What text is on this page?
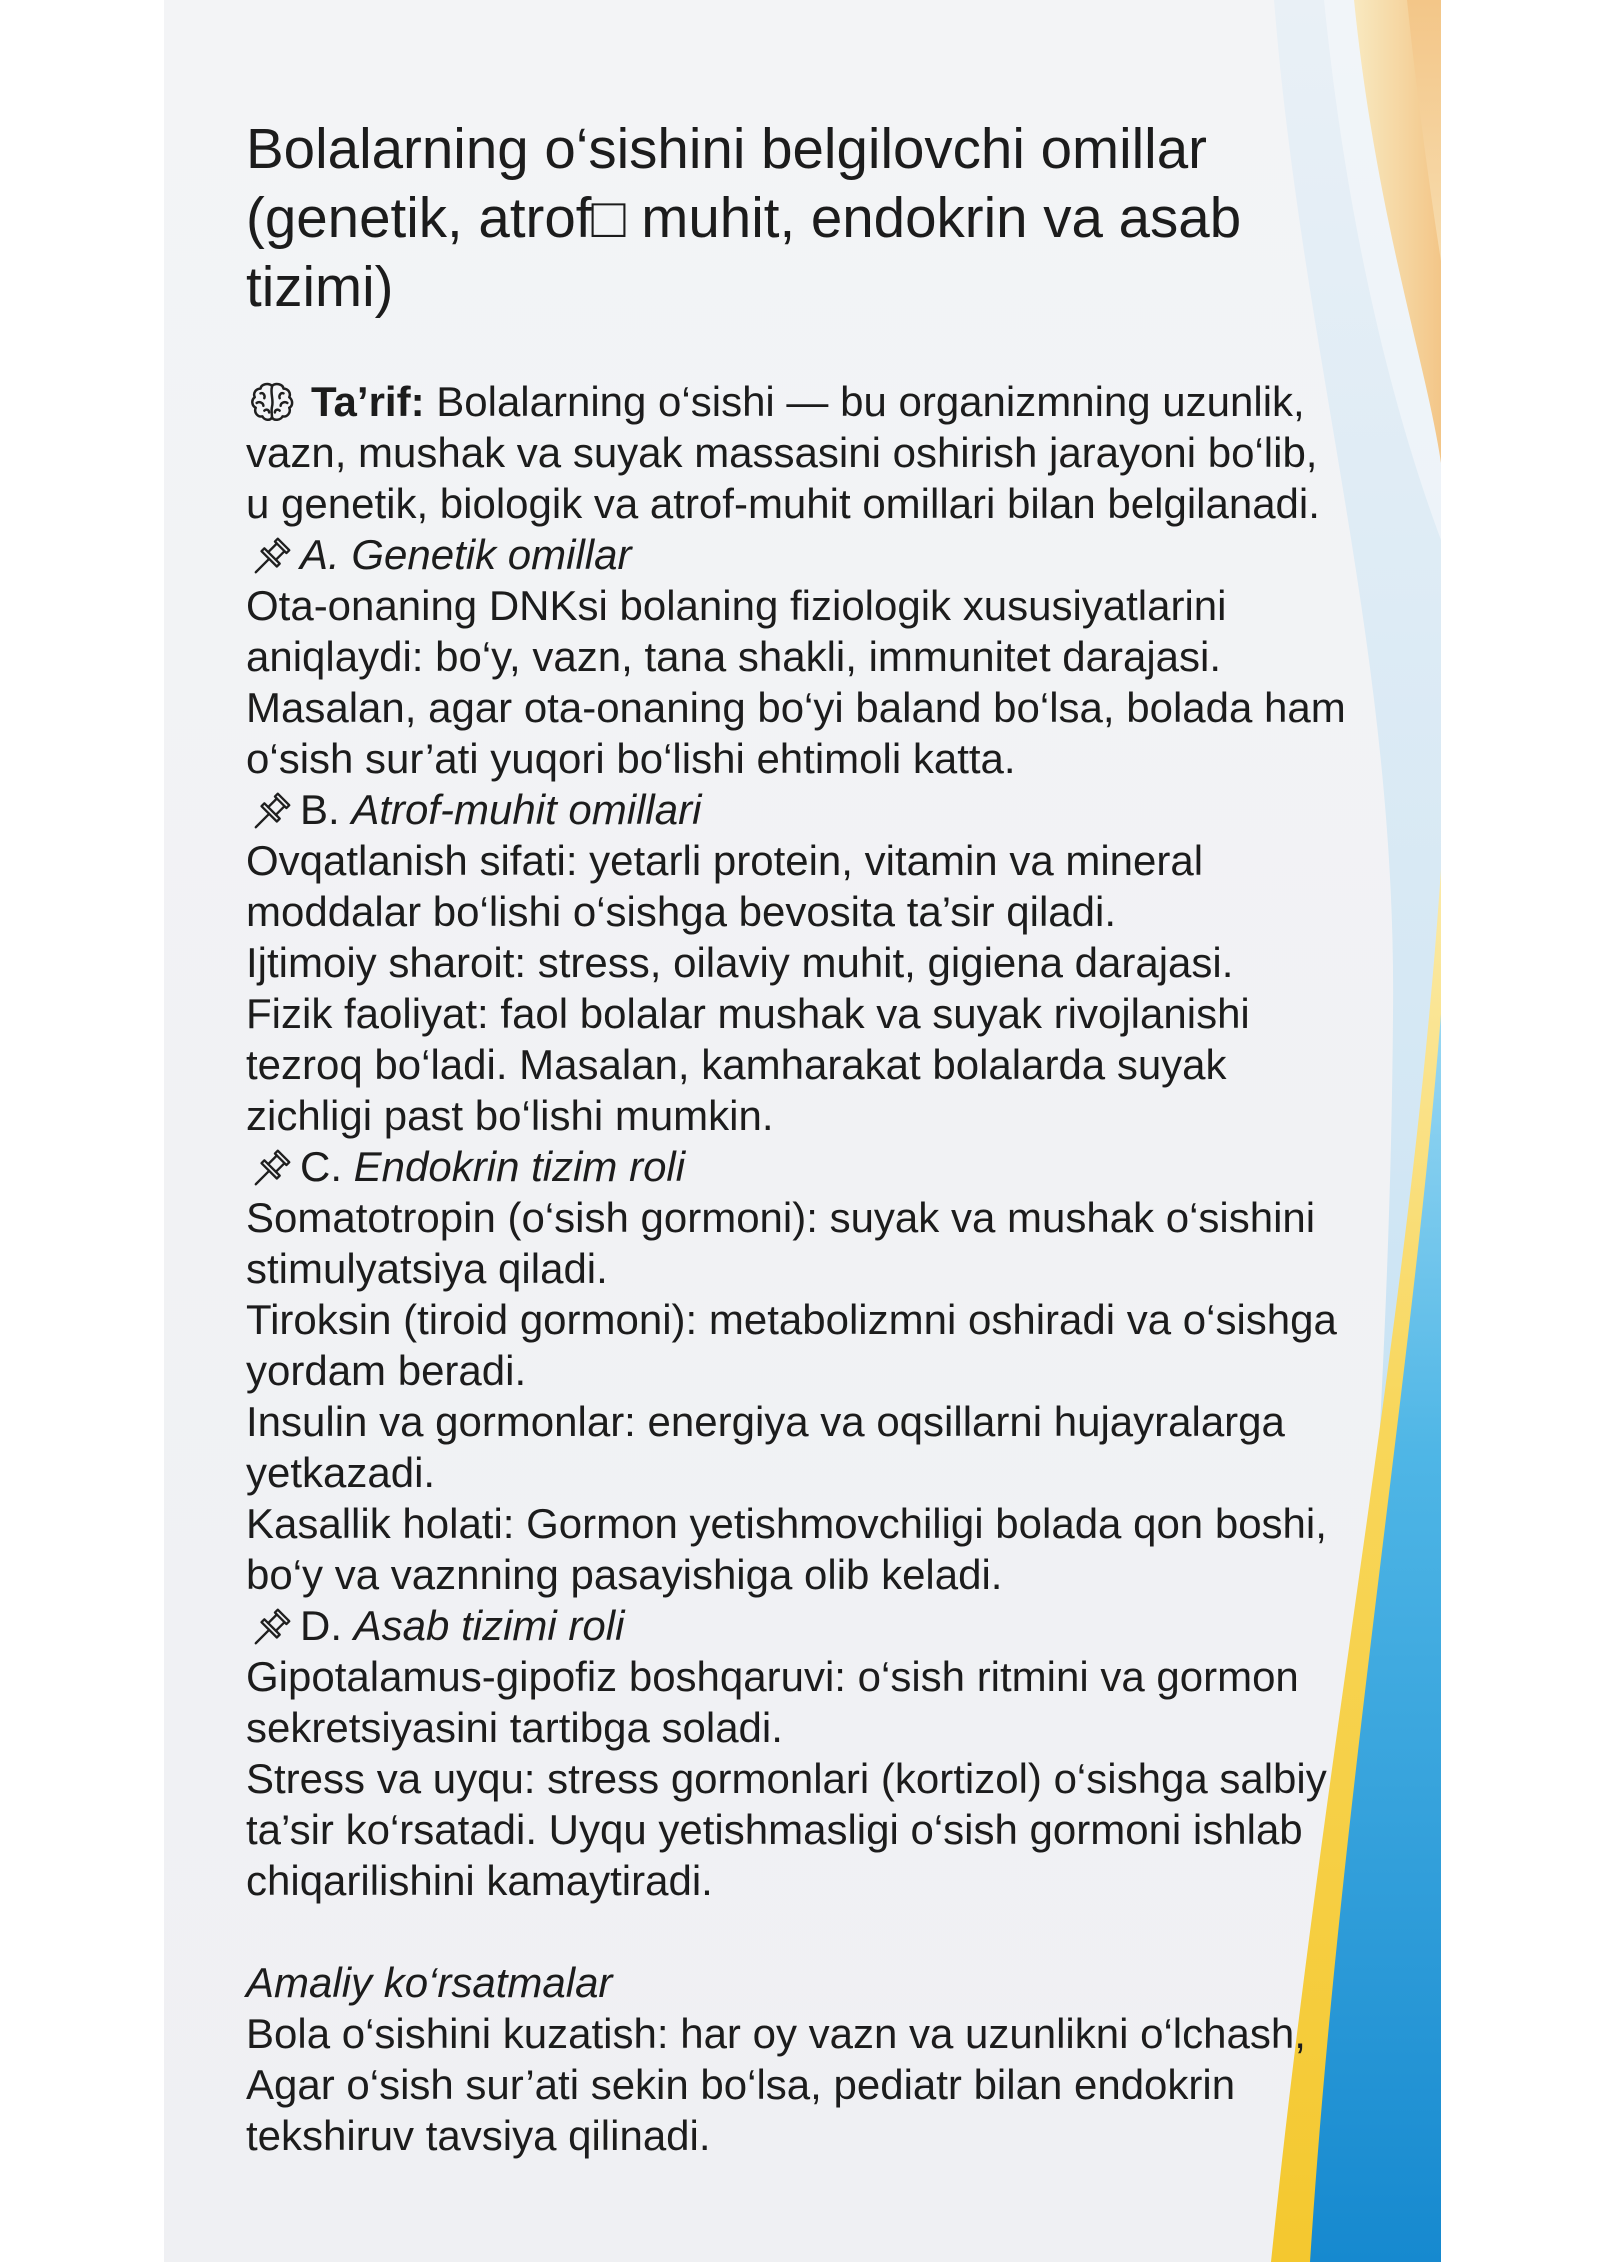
Bolalarning o‘sishini belgilovchi omillar
(genetik, atrof□ muhit, endokrin va asab
tizimi)
Ta’rif: Bolalarning o‘sishi — bu organizmning uzunlik,
vazn, mushak va suyak massasini oshirish jarayoni bo‘lib,
u genetik, biologik va atrof-muhit omillari bilan belgilanadi.
A. Genetik omillar
Ota-onaning DNKsi bolaning fiziologik xususiyatlarini
aniqlaydi: bo‘y, vazn, tana shakli, immunitet darajasi.
Masalan, agar ota-onaning bo‘yi baland bo‘lsa, bolada ham
o‘sish sur’ati yuqori bo‘lishi ehtimoli katta.
B. Atrof-muhit omillari
Ovqatlanish sifati: yetarli protein, vitamin va mineral
moddalar bo‘lishi o‘sishga bevosita ta’sir qiladi.
Ijtimoiy sharoit: stress, oilaviy muhit, gigiena darajasi.
Fizik faoliyat: faol bolalar mushak va suyak rivojlanishi
tezroq bo‘ladi. Masalan, kamharakat bolalarda suyak
zichligi past bo‘lishi mumkin.
C. Endokrin tizim roli
Somatotropin (o‘sish gormoni): suyak va mushak o‘sishini
stimulyatsiya qiladi.
Tiroksin (tiroid gormoni): metabolizmni oshiradi va o‘sishga
yordam beradi.
Insulin va gormonlar: energiya va oqsillarni hujayralarga
yetkazadi.
Kasallik holati: Gormon yetishmovchiligi bolada qon boshi,
bo‘y va vaznning pasayishiga olib keladi.
D. Asab tizimi roli
Gipotalamus-gipofiz boshqaruvi: o‘sish ritmini va gormon
sekretsiyasini tartibga soladi.
Stress va uyqu: stress gormonlari (kortizol) o‘sishga salbiy
ta’sir ko‘rsatadi. Uyqu yetishmasligi o‘sish gormoni ishlab
chiqarilishini kamaytiradi.
Amaliy ko‘rsatmalar
Bola o‘sishini kuzatish: har oy vazn va uzunlikni o‘lchash,
Agar o‘sish sur’ati sekin bo‘lsa, pediatr bilan endokrin
tekshiruv tavsiya qilinadi.
